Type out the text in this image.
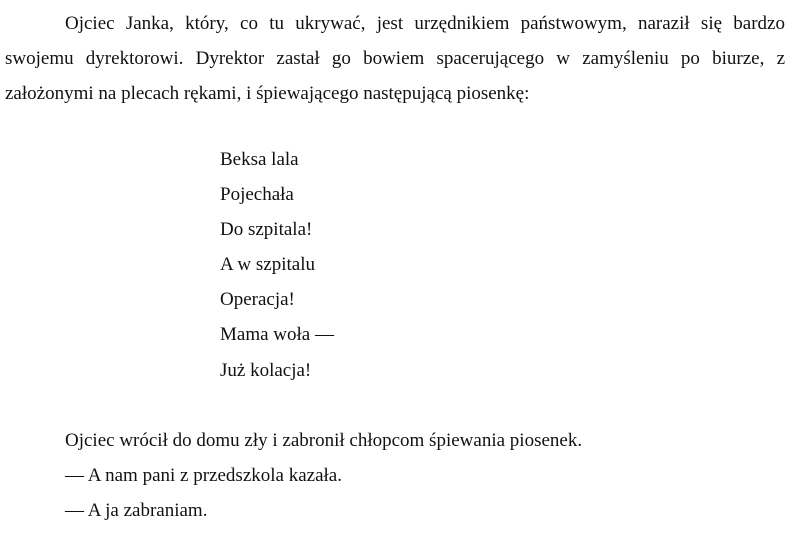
Ojciec Janka, który, co tu ukrywać, jest urzędnikiem państwowym, naraził się bardzo

swojemu dyrektorowi. Dyrektor zastał go bowiem spacerującego w zamyśleniu po biurze, z

założonymi na plecach rękami, i śpiewającego następującą piosenkę:

Beksa lala

Pojechała

Do szpitala!

A w szpitalu

Operacja!

Mama woła —

Już kolacja!

Ojciec wrócił do domu zły i zabronił chłopcom śpiewania piosenek.

— A nam pani z przedszkola kazała.

— A ja zabraniam.
